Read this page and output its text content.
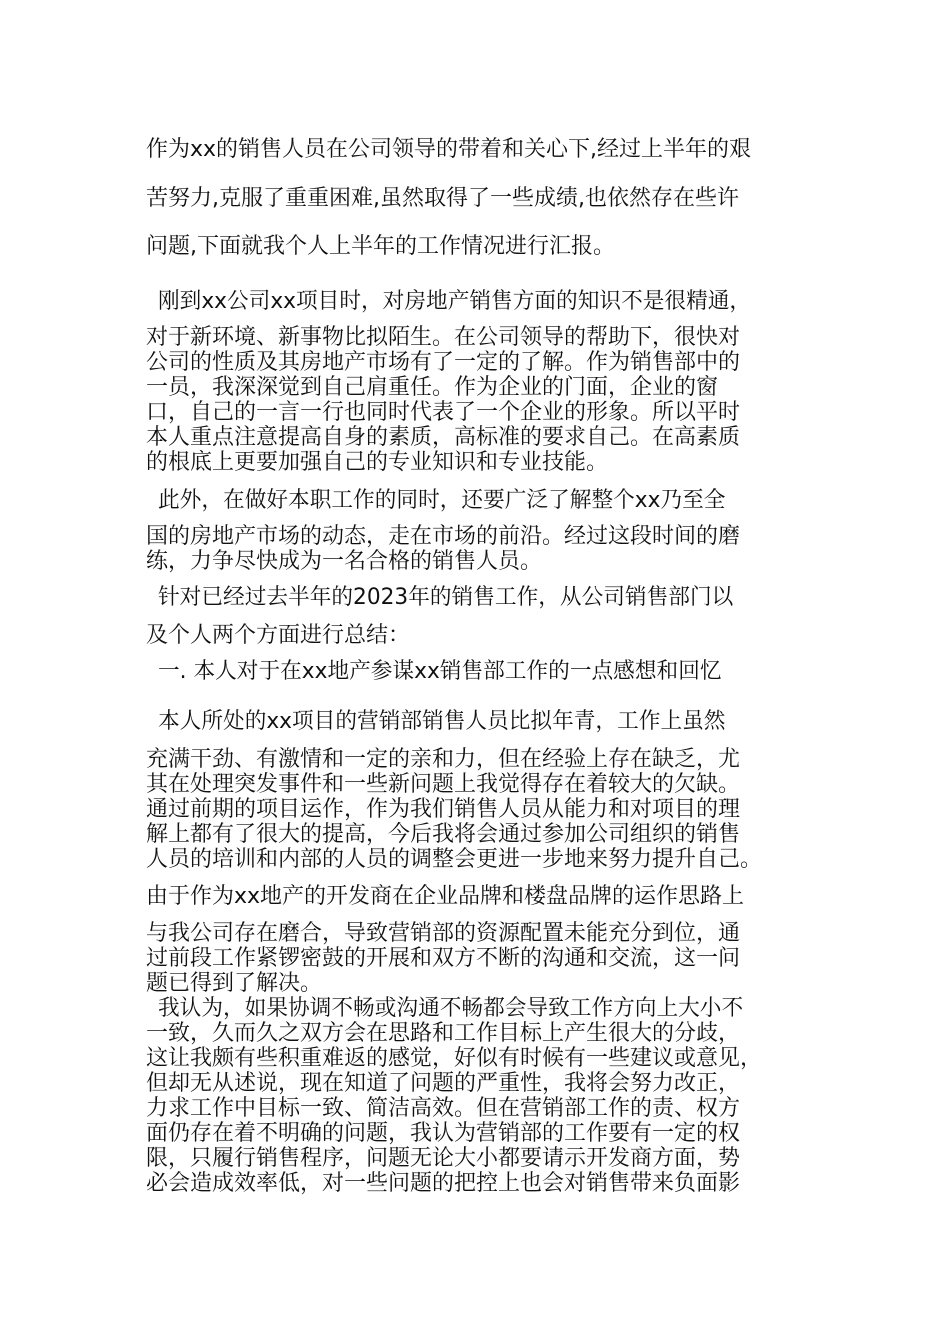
作为xx的销售人员在公司领导的带着和关心下,经过上半年的艰
苦努力,克服了重重困难,虽然取得了一些成绩,也依然存在些许
问题,下面就我个人上半年的工作情况进行汇报。
刚到xx公司xx项目时，对房地产销售方面的知识不是很精通，
对于新环境、新事物比拟陌生。在公司领导的帮助下，很快对
公司的性质及其房地产市场有了一定的了解。作为销售部中的
一员，我深深觉到自己肩重任。作为企业的门面，企业的窗
口，自己的一言一行也同时代表了一个企业的形象。所以平时
本人重点注意提高自身的素质，高标准的要求自己。在高素质
的根底上更要加强自己的专业知识和专业技能。
此外，在做好本职工作的同时，还要广泛了解整个xx乃至全
国的房地产市场的动态，走在市场的前沿。经过这段时间的磨
练，力争尽快成为一名合格的销售人员。
针对已经过去半年的2023年的销售工作，从公司销售部门以
及个人两个方面进行总结：
一. 本人对于在xx地产参谋xx销售部工作的一点感想和回忆
本人所处的xx项目的营销部销售人员比拟年青，工作上虽然
充满干劲、有激情和一定的亲和力，但在经验上存在缺乏，尤
其在处理突发事件和一些新问题上我觉得存在着较大的欠缺。
通过前期的项目运作，作为我们销售人员从能力和对项目的理
解上都有了很大的提高，今后我将会通过参加公司组织的销售
人员的培训和内部的人员的调整会更进一步地来努力提升自己。
由于作为xx地产的开发商在企业品牌和楼盘品牌的运作思路上
与我公司存在磨合，导致营销部的资源配置未能充分到位，通
过前段工作紧锣密鼓的开展和双方不断的沟通和交流，这一问
题已得到了解决。
我认为，如果协调不畅或沟通不畅都会导致工作方向上大小不
一致，久而久之双方会在思路和工作目标上产生很大的分歧，
这让我颇有些积重难返的感觉，好似有时候有一些建议或意见，
但却无从述说，现在知道了问题的严重性，我将会努力改正，
力求工作中目标一致、简洁高效。但在营销部工作的责、权方
面仍存在着不明确的问题，我认为营销部的工作要有一定的权
限，只履行销售程序，问题无论大小都要请示开发商方面，势
必会造成效率低，对一些问题的把控上也会对销售带来负面影
